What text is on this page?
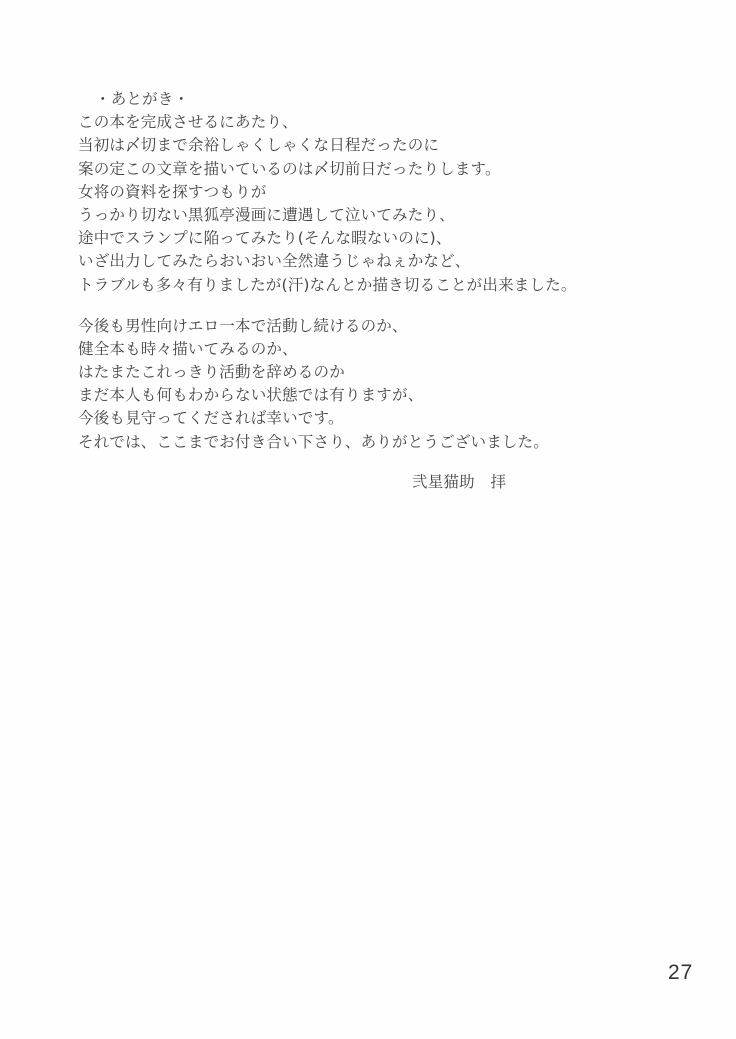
・あとがき・
この本を完成させるにあたり、
当初は〆切まで余裕しゃくしゃくな日程だったのに
案の定この文章を描いているのは〆切前日だったりします。
女将の資料を探すつもりが
うっかり切ない黒狐亭漫画に遭遇して泣いてみたり、
途中でスランプに陥ってみたり(そんな暇ないのに)、
いざ出力してみたらおいおい全然違うじゃねぇかなど、
トラブルも多々有りましたが(汗)なんとか描き切ることが出来ました。
今後も男性向けエロ一本で活動し続けるのか、
健全本も時々描いてみるのか、
はたまたこれっきり活動を辞めるのか
まだ本人も何もわからない状態では有りますが、
今後も見守ってくだされば幸いです。
それでは、ここまでお付き合い下さり、ありがとうございました。
弐星猫助　拝
27
